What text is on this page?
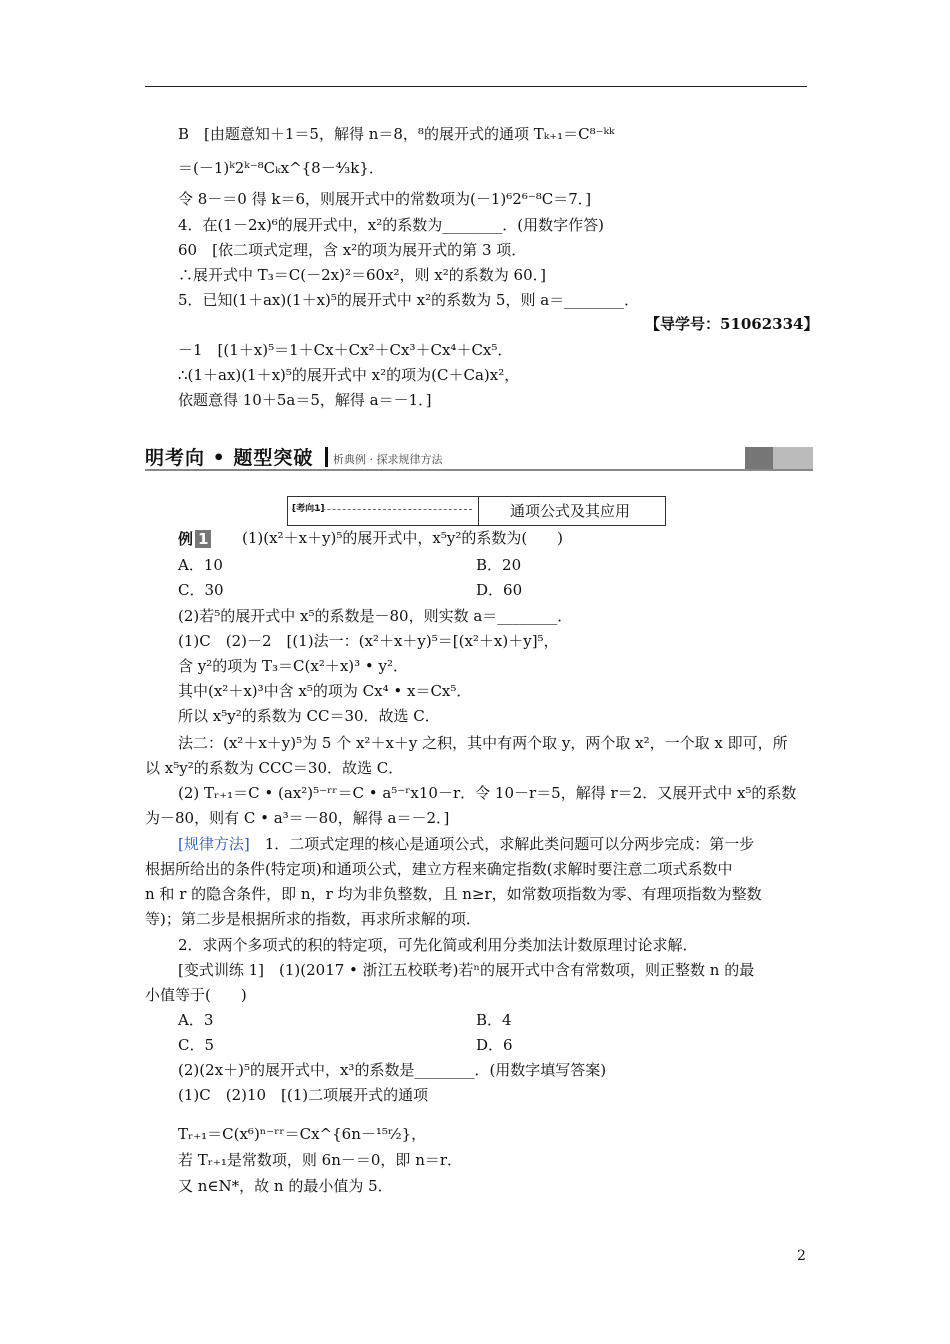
B　[由题意知＋1＝5，解得 n＝8，⁸的展开式的通项 Tₖ₊₁＝C⁸⁻ᵏᵏ
＝(－1)ᵏ2ᵏ⁻⁸Cₖx^{8－⁴⁄₃k}．
令 8－＝0 得 k＝6，则展开式中的常数项为(－1)⁶2⁶⁻⁸C＝7．]
4．在(1－2x)⁶的展开式中，x²的系数为________．(用数字作答)
60　[依二项式定理，含 x²的项为展开式的第 3 项．
∴展开式中 T₃＝C(－2x)²＝60x²，则 x²的系数为 60．]
5．已知(1＋ax)(1＋x)⁵的展开式中 x²的系数为 5，则 a＝________．
【导学号：51062334】
－1　[(1＋x)⁵＝1＋Cx＋Cx²＋Cx³＋Cx⁴＋Cx⁵．
∴(1＋ax)(1＋x)⁵的展开式中 x²的项为(C＋Ca)x²，
依题意得 10＋5a＝5，解得 a＝－1．]
明考向 • 题型突破 析典例 · 探求规律方法
[考向1]	通项公式及其应用
例 1 (1)(x²＋x＋y)⁵的展开式中，x⁵y²的系数为(　　)
A．10	B．20
C．30	D．60
(2)若⁵的展开式中 x⁵的系数是－80，则实数 a＝________．
(1)C　(2)－2　[(1)法一：(x²＋x＋y)⁵＝[(x²＋x)＋y]⁵，
含 y²的项为 T₃＝C(x²＋x)³ • y²．
其中(x²＋x)³中含 x⁵的项为 Cx⁴ • x＝Cx⁵．
所以 x⁵y²的系数为 CC＝30．故选 C．
法二：(x²＋x＋y)⁵为 5 个 x²＋x＋y 之积，其中有两个取 y，两个取 x²，一个取 x 即可，所
以 x⁵y²的系数为 CCC＝30．故选 C．
(2) Tᵣ₊₁＝C • (ax²)⁵⁻ʳʳ＝C • a⁵⁻ʳx10－r．令 10－r＝5，解得 r＝2．又展开式中 x⁵的系数
为－80，则有 C • a³＝－80，解得 a＝－2．]
[规律方法]　1．二项式定理的核心是通项公式，求解此类问题可以分两步完成：第一步
根据所给出的条件(特定项)和通项公式，建立方程来确定指数(求解时要注意二项式系数中
n 和 r 的隐含条件，即 n，r 均为非负整数，且 n≥r，如常数项指数为零、有理项指数为整数
等)；第二步是根据所求的指数，再求所求解的项．
2．求两个多项式的积的特定项，可先化简或利用分类加法计数原理讨论求解．
[变式训练 1]　(1)(2017 • 浙江五校联考)若ⁿ的展开式中含有常数项，则正整数 n 的最
小值等于(　　)
A．3	B．4
C．5	D．6
(2)(2x＋)⁵的展开式中，x³的系数是________．(用数字填写答案)
(1)C　(2)10　[(1)二项展开式的通项
Tᵣ₊₁＝C(x⁶)ⁿ⁻ʳʳ＝Cx^{6n－¹⁵ʳ⁄₂}，
若 Tᵣ₊₁是常数项，则 6n－＝0，即 n＝r．
又 n∈N*，故 n 的最小值为 5．
2
